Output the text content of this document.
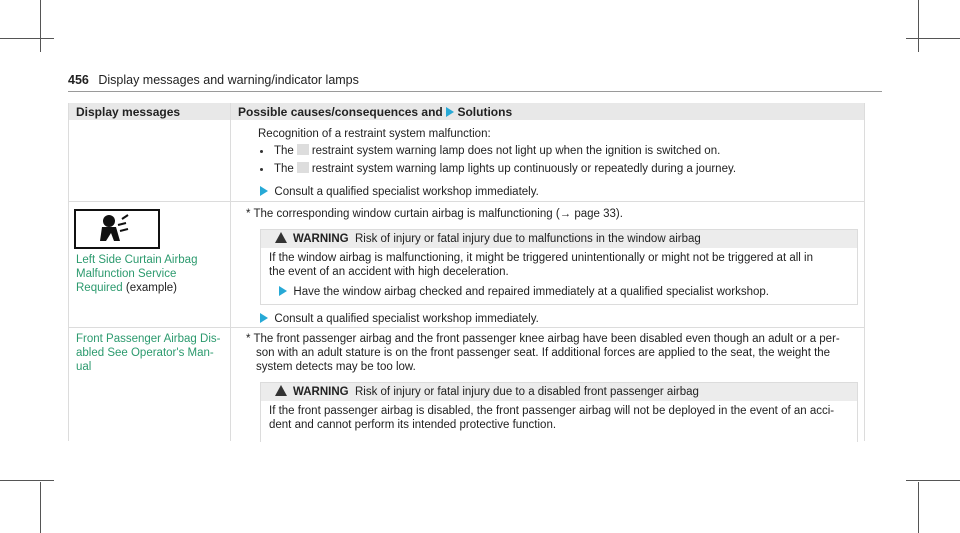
456 Display messages and warning/indicator lamps
Display messages	Possible causes/consequences and Solutions
Recognition of a restraint system malfunction:
The restraint system warning lamp does not light up when the ignition is switched on.
The restraint system warning lamp lights up continuously or repeatedly during a journey.
Consult a qualified specialist workshop immediately.
Left Side Curtain Airbag
Malfunction Service
Required (example)
* The corresponding window curtain airbag is malfunctioning (→ page 33).
WARNING Risk of injury or fatal injury due to malfunctions in the window airbag
If the window airbag is malfunctioning, it might be triggered unintentionally or might not be triggered at all in
the event of an accident with high deceleration.
Have the window airbag checked and repaired immediately at a qualified specialist workshop.
Consult a qualified specialist workshop immediately.
Front Passenger Airbag Dis-
abled See Operator's Man-
ual
* The front passenger airbag and the front passenger knee airbag have been disabled even though an adult or a per-
son with an adult stature is on the front passenger seat. If additional forces are applied to the seat, the weight the
system detects may be too low.
WARNING Risk of injury or fatal injury due to a disabled front passenger airbag
If the front passenger airbag is disabled, the front passenger airbag will not be deployed in the event of an acci-
dent and cannot perform its intended protective function.
